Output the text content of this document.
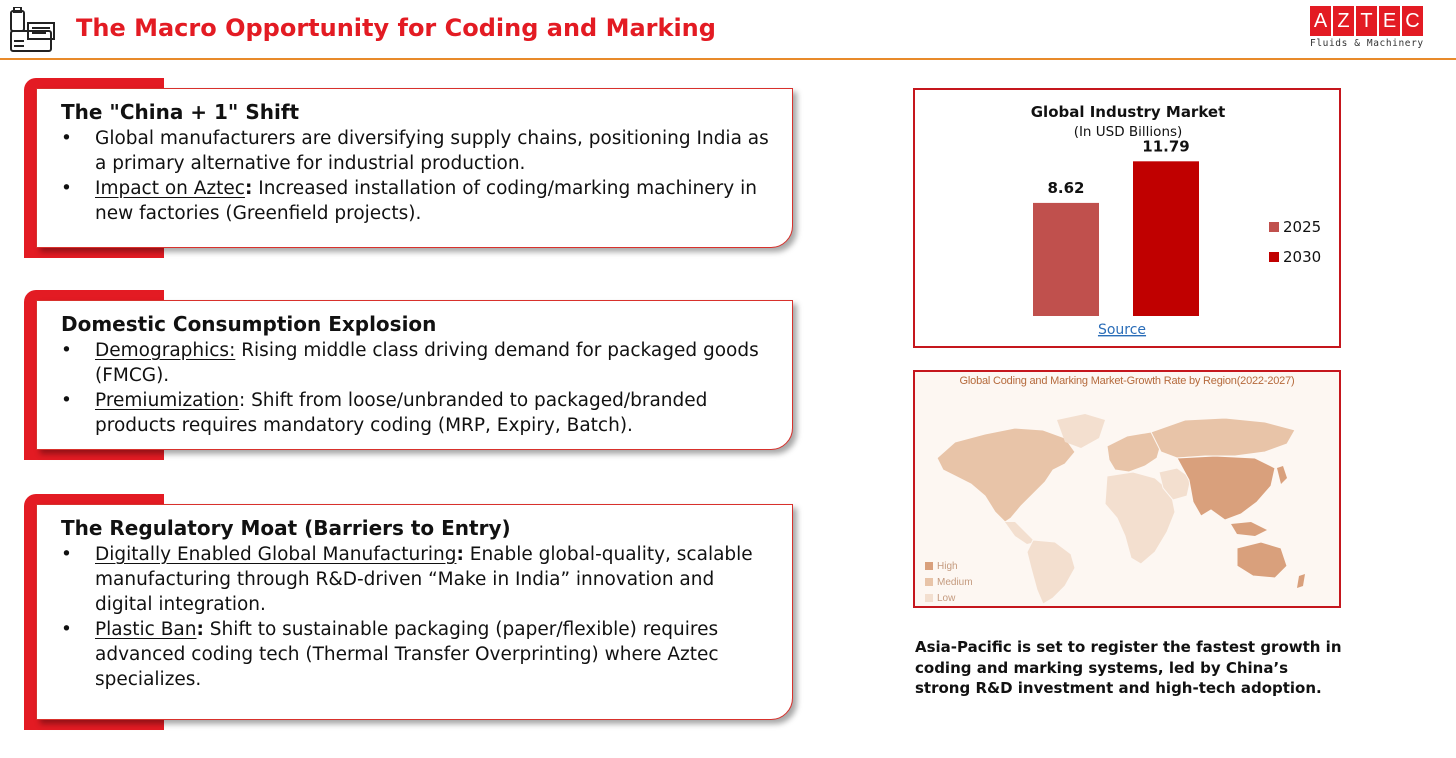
The Macro Opportunity for Coding and Marking	A Z T E C
Fluids & Machinery
The "China + 1" Shift
• Global manufacturers are diversifying supply chains, positioning India as a primary alternative for industrial production.
• Impact on Aztec: Increased installation of coding/marking machinery in new factories (Greenfield projects).
Domestic Consumption Explosion
• Demographics: Rising middle class driving demand for packaged goods (FMCG).
• Premiumization: Shift from loose/unbranded to packaged/branded products requires mandatory coding (MRP, Expiry, Batch).
The Regulatory Moat (Barriers to Entry)
• Digitally Enabled Global Manufacturing: Enable global-quality, scalable manufacturing through R&D-driven “Make in India” innovation and digital integration.
• Plastic Ban: Shift to sustainable packaging (paper/flexible) requires advanced coding tech (Thermal Transfer Overprinting) where Aztec specializes.
Global Industry Market
(In USD Billions)
8.62
11.79
2025
2030
Source
Global Coding and Marking Market-Growth Rate by Region(2022-2027)
High
Medium
Low
Asia-Pacific is set to register the fastest growth in coding and marking systems, led by China’s strong R&D investment and high-tech adoption.
